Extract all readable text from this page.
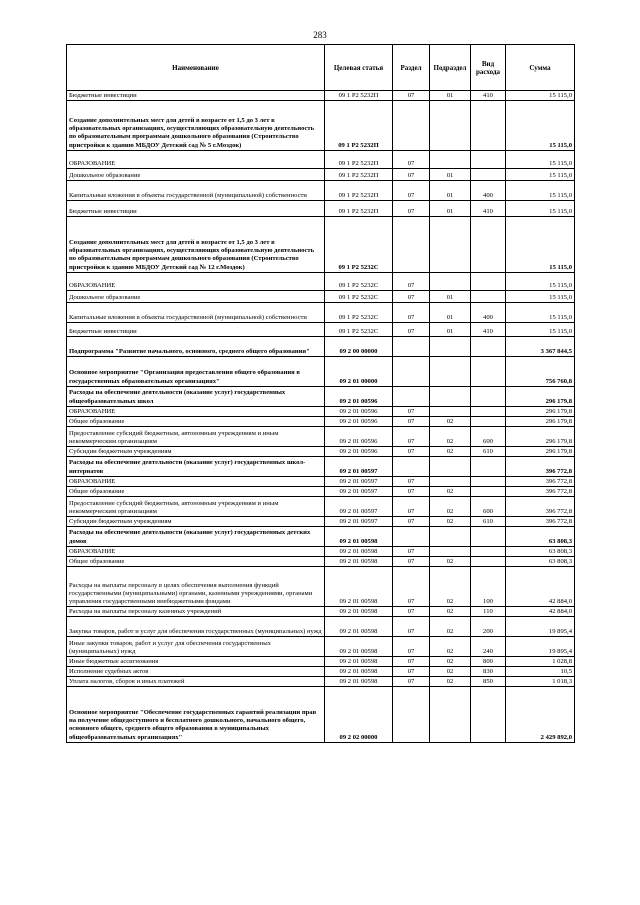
283
Наименование	Целевая статья	Раздел	Подраздел	Вид расхода	Сумма
Бюджетные инвестиции	09 1 P2 5232П	07	01	410	15 115,0
Создание дополнительных мест для детей в возрасте от 1,5 до 3 лет в образовательных организациях, осуществляющих образовательную деятельность по образовательным программам дошкольного образования (Строительство пристройки к зданию МБДОУ Детский сад № 5 г.Моздок)	09 1 P2 5232П				15 115,0
ОБРАЗОВАНИЕ	09 1 P2 5232П	07			15 115,0
Дошкольное образование	09 1 P2 5232П	07	01		15 115,0
Капитальные вложения в объекты государственной (муниципальной) собственности	09 1 P2 5232П	07	01	400	15 115,0
Бюджетные инвестиции	09 1 P2 5232П	07	01	410	15 115,0
Создание дополнительных мест для детей в возрасте от 1,5 до 3 лет в образовательных организациях, осуществляющих образовательную деятельность по образовательным программам дошкольного образования (Строительство пристройки к зданию МБДОУ Детский сад № 12 г.Моздок)	09 1 P2 5232С				15 115,0
ОБРАЗОВАНИЕ	09 1 P2 5232С	07			15 115,0
Дошкольное образование	09 1 P2 5232С	07	01		15 115,0
Капитальные вложения в объекты государственной (муниципальной) собственности	09 1 P2 5232С	07	01	400	15 115,0
Бюджетные инвестиции	09 1 P2 5232С	07	01	410	15 115,0
Подпрограмма "Развитие начального, основного, среднего общего образования"	09 2 00 00000				3 367 844,5
Основное мероприятие "Организация предоставления общего образования в государственных образовательных организациях"	09 2 01 00000				756 760,8
Расходы на обеспечение деятельности (оказание услуг) государственных общеобразовательных школ	09 2 01 00596				296 179,8
ОБРАЗОВАНИЕ	09 2 01 00596	07			296 179,8
Общее образование	09 2 01 00596	07	02		296 179,8
Предоставление субсидий бюджетным, автономным учреждениям и иным некоммерческим организациям	09 2 01 00596	07	02	600	296 179,8
Субсидии бюджетным учреждениям	09 2 01 00596	07	02	610	296 179,8
Расходы на обеспечение деятельности (оказание услуг) государственных школ-интернатов	09 2 01 00597				396 772,8
ОБРАЗОВАНИЕ	09 2 01 00597	07			396 772,8
Общее образование	09 2 01 00597	07	02		396 772,8
Предоставление субсидий бюджетным, автономным учреждениям и иным некоммерческим организациям	09 2 01 00597	07	02	600	396 772,8
Субсидии бюджетным учреждениям	09 2 01 00597	07	02	610	396 772,8
Расходы на обеспечение деятельности (оказание услуг) государственных детских домов	09 2 01 00598				63 808,3
ОБРАЗОВАНИЕ	09 2 01 00598	07			63 808,3
Общее образование	09 2 01 00598	07	02		63 808,3
Расходы на выплаты персоналу в целях обеспечения выполнения функций государственными (муниципальными) органами, казенными учреждениями, органами управления государственными внебюджетными фондами	09 2 01 00598	07	02	100	42 884,0
Расходы на выплаты персоналу казенных учреждений	09 2 01 00598	07	02	110	42 884,0
Закупка товаров, работ и услуг для обеспечения государственных (муниципальных) нужд	09 2 01 00598	07	02	200	19 895,4
Иные закупки товаров, работ и услуг для обеспечения государственных (муниципальных) нужд	09 2 01 00598	07	02	240	19 895,4
Иные бюджетные ассигнования	09 2 01 00598	07	02	800	1 028,8
Исполнение судебных актов	09 2 01 00598	07	02	830	10,5
Уплата налогов, сборов и иных платежей	09 2 01 00598	07	02	850	1 018,3
Основное мероприятие "Обеспечение государственных гарантий реализации прав на получение общедоступного и бесплатного дошкольного, начального общего, основного общего, среднего общего образования в муниципальных общеобразовательных организациях"	09 2 02 00000				2 429 892,0
